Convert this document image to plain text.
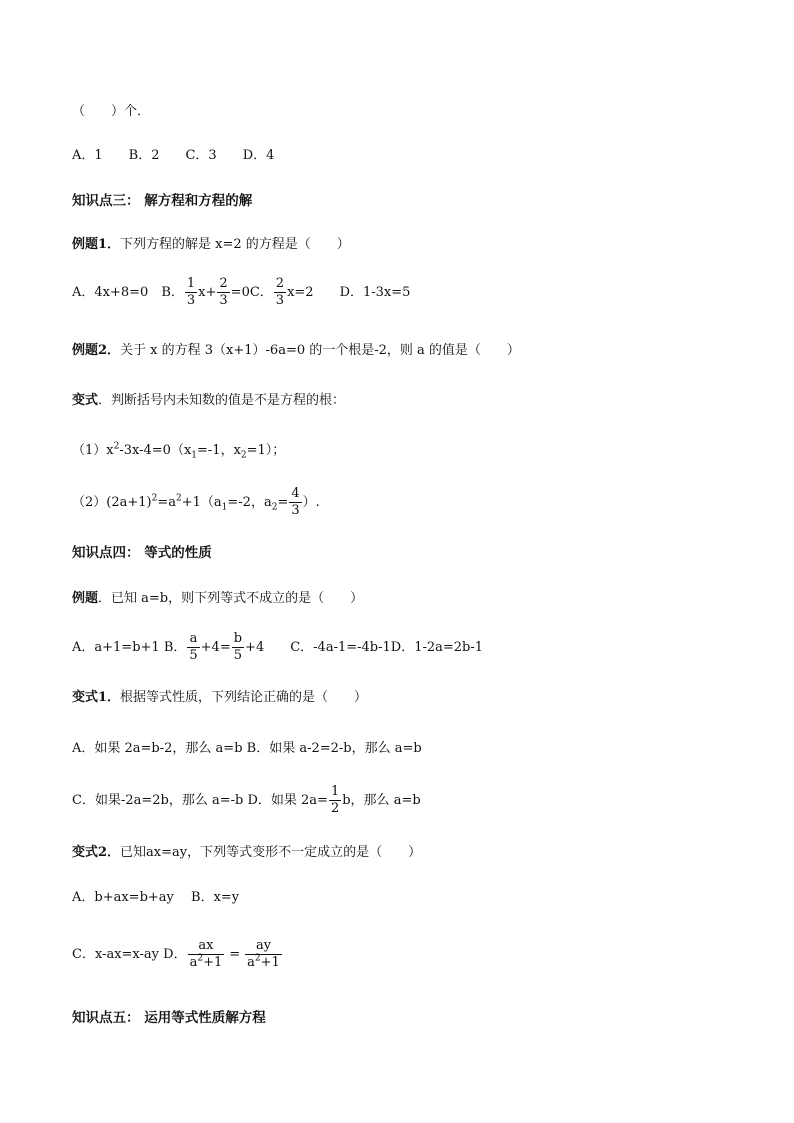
（　　）个．
A．1　　B．2　　C．3　　D．4
知识点三： 解方程和方程的解
例题1．下列方程的解是 x=2 的方程是（　　）
A．4x+8=0　B． $\frac{1}{3} x+ \frac{2}{3} =0C$． $\frac{2}{3} x=2$　　D．1-3x=5
例题2．关于 x 的方程 3（x+1）-6a=0 的一个根是-2，则 a 的值是（　　）
变式．判断括号内未知数的值是不是方程的根：
$(1)x^2-3x-4=0(x_1=-1$，$x_2=1$）；
$(2)(2a+1)^2=a^2+1(a_1=-2$，$a_2= \frac{4}{3}$ ）.
知识点四： 等式的性质
例题．已知 a=b，则下列等式不成立的是（　　）
A．a+1=b+1 B． $\frac{a}{5} +4= \frac{b}{5} +4$　　C．-4a-1=-4b-1D．1-2a=2b-1
变式1．根据等式性质，下列结论正确的是（　　）
A．如果 2a=b-2，那么 a=b B．如果 a-2=2-b，那么 a=b
C．如果-2a=2b，那么 a=-b D．如果 $2a= \frac{1}{2}$ b，那么 a=b
变式2．已知ax=ay，下列等式变形不一定成立的是（　　）
A．b+ax=b+ay　 B．x=y
C．x-ax=x-ay D． $\frac{ax}{a^2+1} = \frac{ay}{a^2+1}$
知识点五： 运用等式性质解方程
